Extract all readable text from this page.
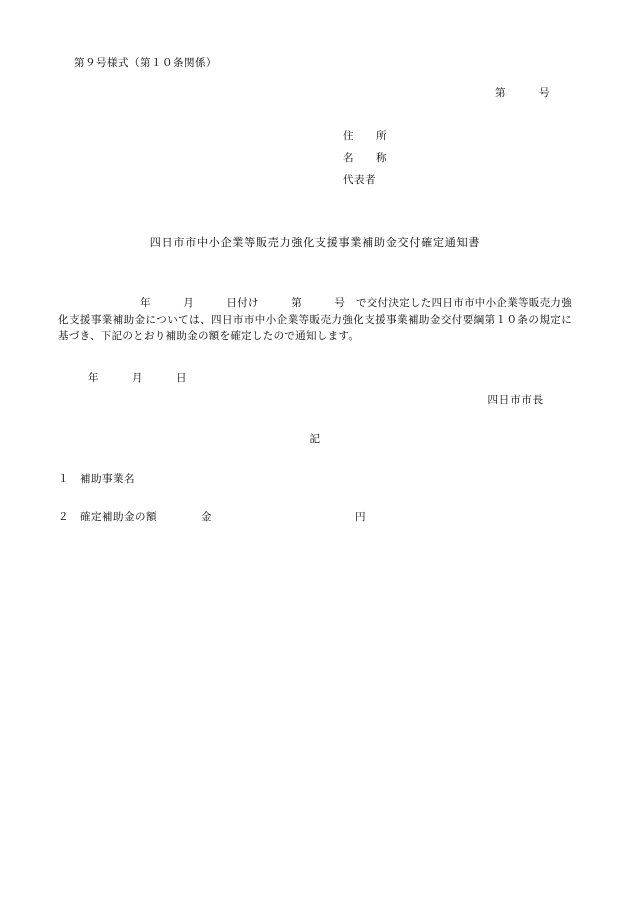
第９号様式（第１０条関係）
第　　　号
住　　所
名　　称
代表者
四日市市中小企業等販売力強化支援事業補助金交付確定通知書

年　　　月　　　日付け　　　第　　　号　で交付決定した四日市市中小企業等販売力強化支援事業補助金については、四日市市中小企業等販売力強化支援事業補助金交付要綱第１０条の規定に基づき、下記のとおり補助金の額を確定したので通知します。

年　　　月　　　日
四日市市長
記
１　補助事業名
２　確定補助金の額　　　　金　　　　　　　　　　　　　円
